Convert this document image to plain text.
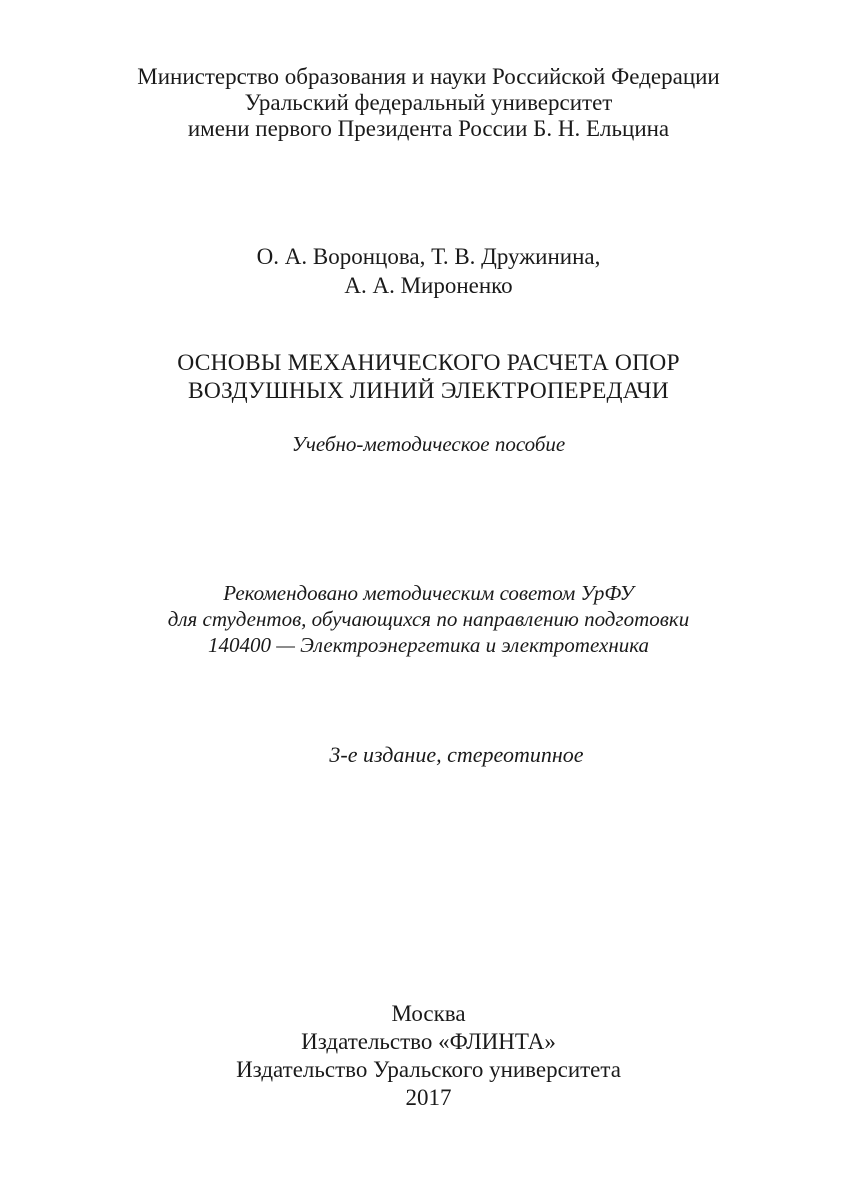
Министерство образования и науки Российской Федерации
Уральский федеральный университет
имени первого Президента России Б. Н. Ельцина
О. А. Воронцова, Т. В. Дружинина,
А. А. Мироненко
ОСНОВЫ МЕХАНИЧЕСКОГО РАСЧЕТА ОПОР
ВОЗДУШНЫХ ЛИНИЙ ЭЛЕКТРОПЕРЕДАЧИ
Учебно-методическое пособие
Рекомендовано методическим советом УрФУ
для студентов, обучающихся по направлению подготовки
140400 — Электроэнергетика и электротехника
3-е издание, стереотипное
Москва
Издательство «ФЛИНТА»
Издательство Уральского университета
2017
